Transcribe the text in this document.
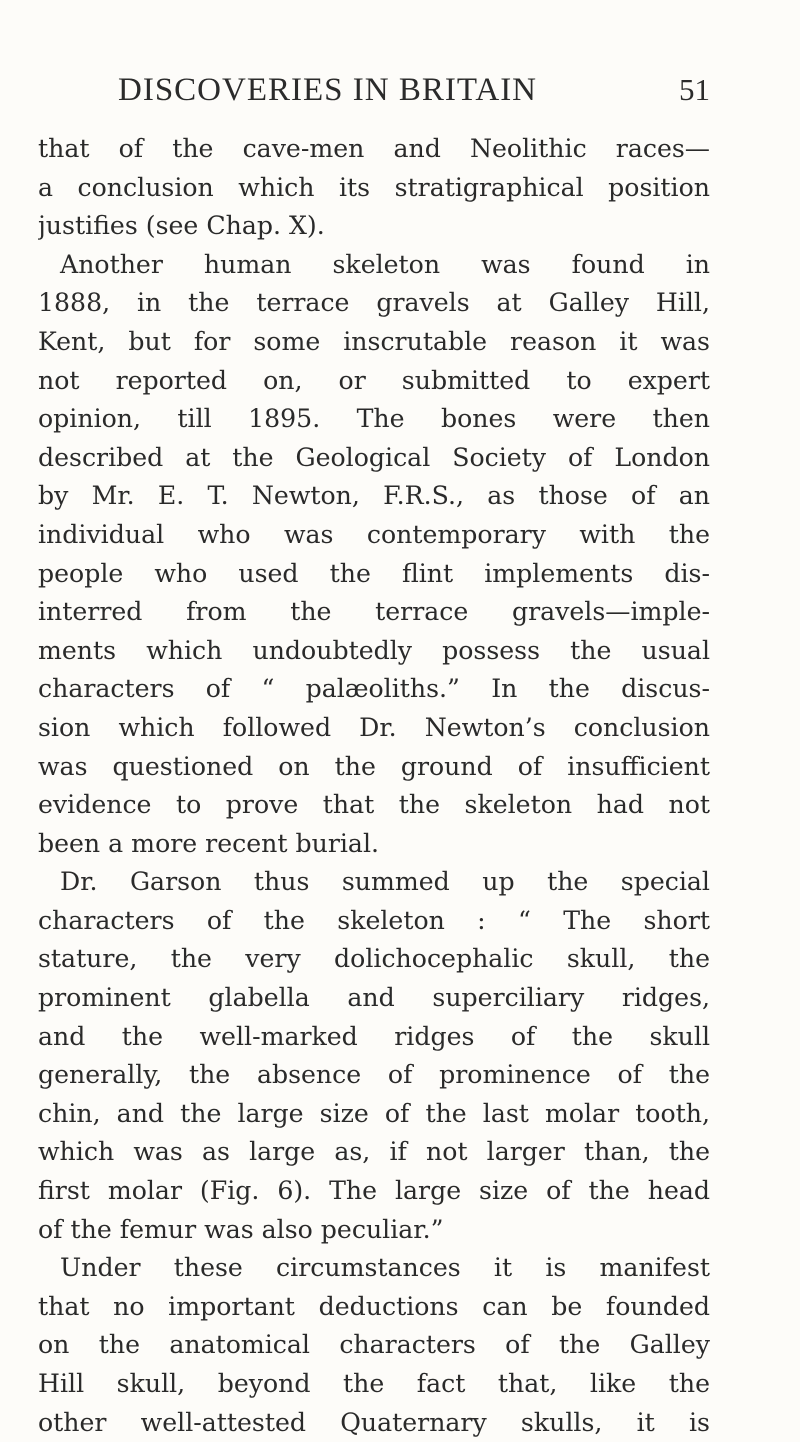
DISCOVERIES IN BRITAIN	51
that of the cave-men and Neolithic races—
a conclusion which its stratigraphical position
justifies (see Chap. X).
Another human skeleton was found in
1888, in the terrace gravels at Galley Hill,
Kent, but for some inscrutable reason it was
not reported on, or submitted to expert
opinion, till 1895. The bones were then
described at the Geological Society of London
by Mr. E. T. Newton, F.R.S., as those of an
individual who was contemporary with the
people who used the flint implements dis-
interred from the terrace gravels—imple-
ments which undoubtedly possess the usual
characters of “ palæoliths.” In the discus-
sion which followed Dr. Newton’s conclusion
was questioned on the ground of insufficient
evidence to prove that the skeleton had not
been a more recent burial.
Dr. Garson thus summed up the special
characters of the skeleton : “ The short
stature, the very dolichocephalic skull, the
prominent glabella and superciliary ridges,
and the well-marked ridges of the skull
generally, the absence of prominence of the
chin, and the large size of the last molar tooth,
which was as large as, if not larger than, the
first molar (Fig. 6). The large size of the head
of the femur was also peculiar.”
Under these circumstances it is manifest
that no important deductions can be founded
on the anatomical characters of the Galley
Hill skull, beyond the fact that, like the
other well-attested Quaternary skulls, it is
